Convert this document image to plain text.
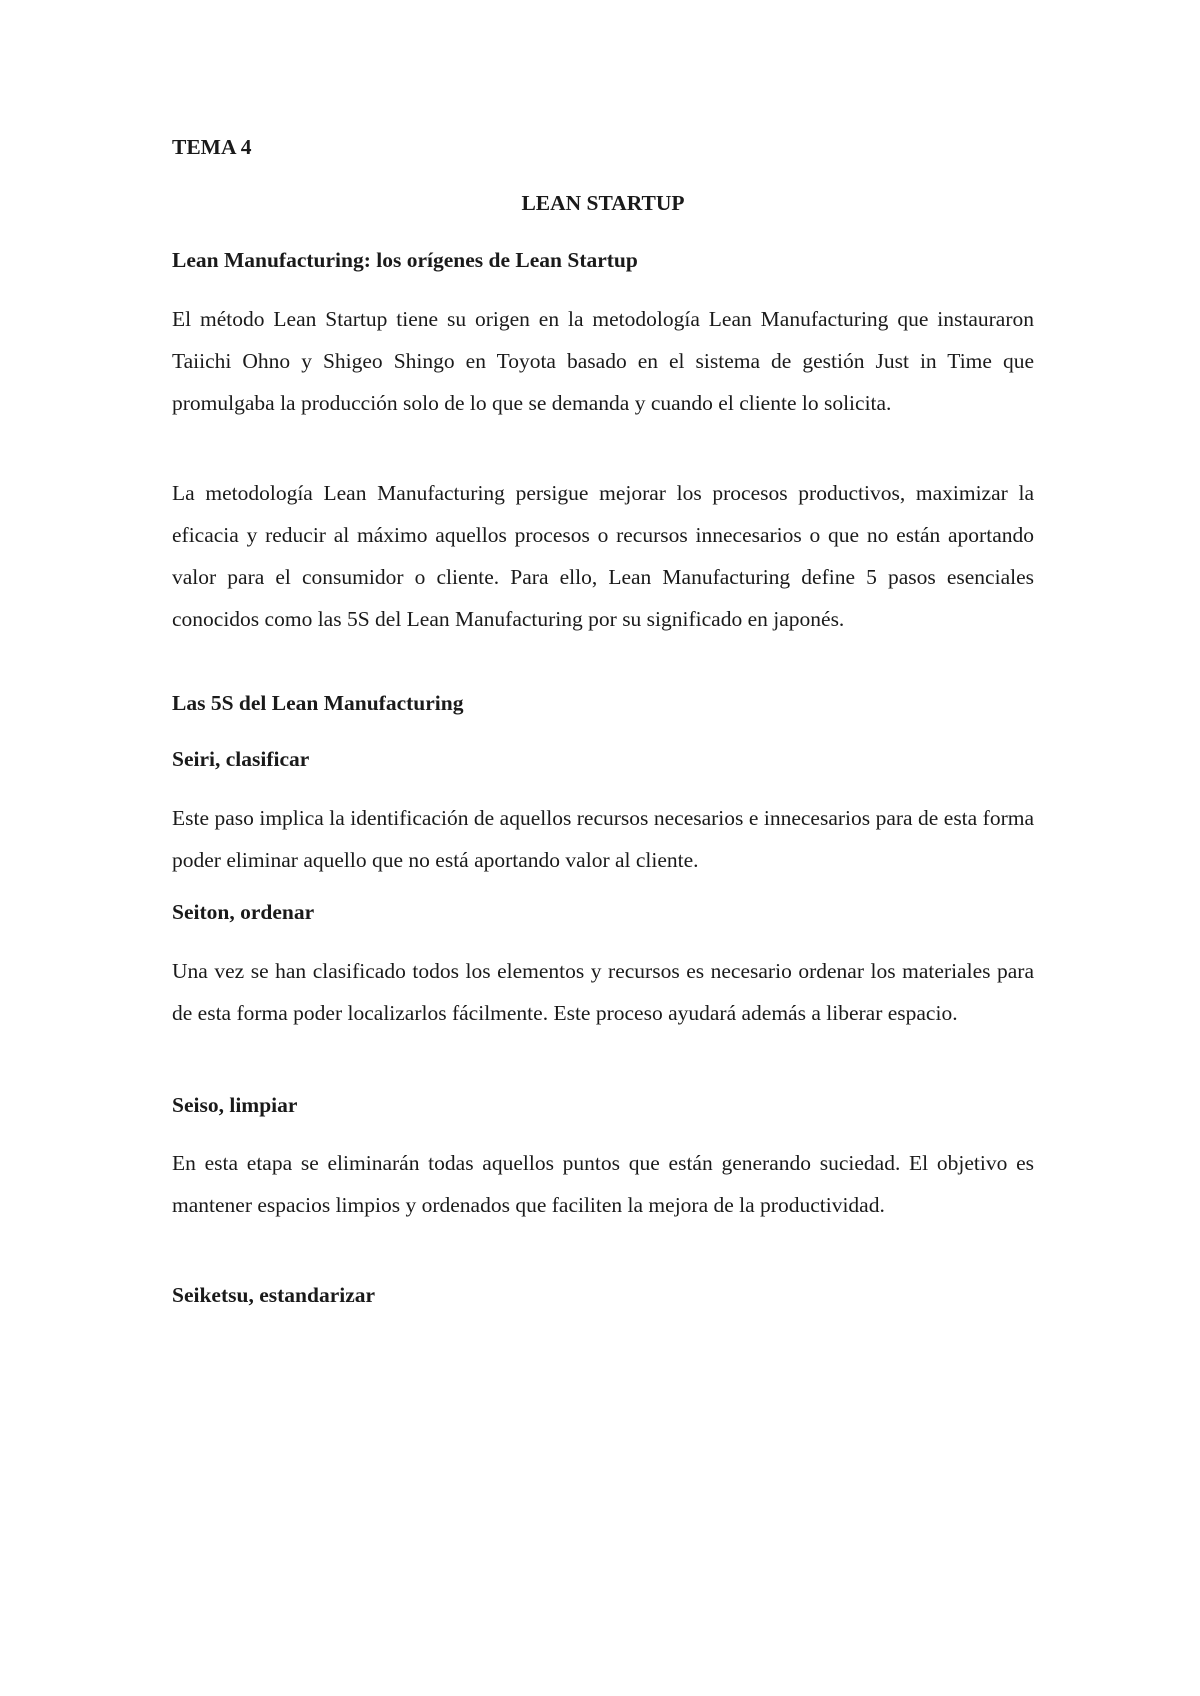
TEMA 4

LEAN STARTUP

Lean Manufacturing: los orígenes de Lean Startup

El método Lean Startup tiene su origen en la metodología Lean Manufacturing que instauraron Taiichi Ohno y Shigeo Shingo en Toyota basado en el sistema de gestión Just in Time que promulgaba la producción solo de lo que se demanda y cuando el cliente lo solicita.

La metodología Lean Manufacturing persigue mejorar los procesos productivos, maximizar la eficacia y reducir al máximo aquellos procesos o recursos innecesarios o que no están aportando valor para el consumidor o cliente. Para ello, Lean Manufacturing define 5 pasos esenciales conocidos como las 5S del Lean Manufacturing por su significado en japonés.

Las 5S del Lean Manufacturing

Seiri, clasificar

Este paso implica la identificación de aquellos recursos necesarios e innecesarios para de esta forma poder eliminar aquello que no está aportando valor al cliente.

Seiton, ordenar

Una vez se han clasificado todos los elementos y recursos es necesario ordenar los materiales para de esta forma poder localizarlos fácilmente. Este proceso ayudará además a liberar espacio.

Seiso, limpiar

En esta etapa se eliminarán todas aquellos puntos que están generando suciedad. El objetivo es mantener espacios limpios y ordenados que faciliten la mejora de la productividad.

Seiketsu, estandarizar
